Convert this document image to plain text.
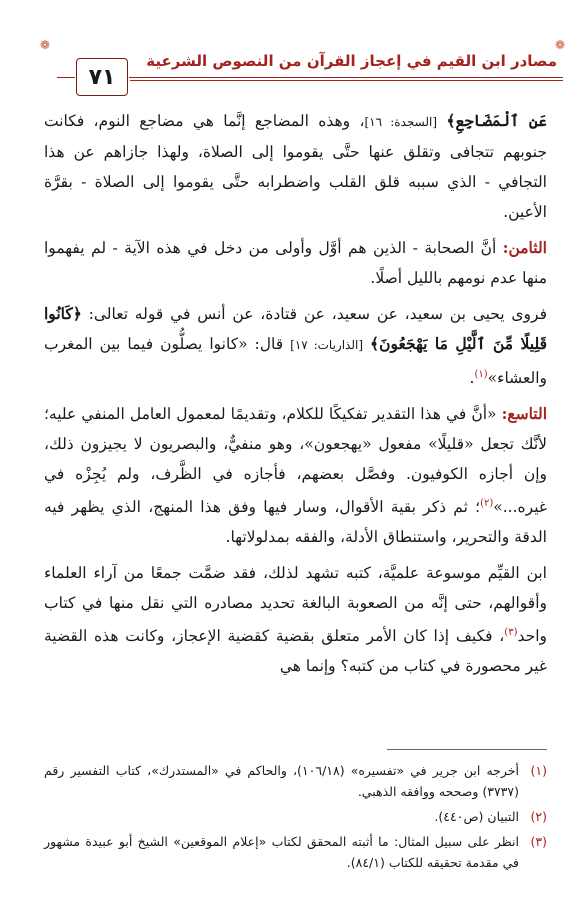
❁
❁
مصادر ابن القيم في إعجاز القرآن من النصوص الشرعية
٧١

عَنِ ٱلْمَضَاجِعِ﴾ [السجدة: ١٦]، وهذه المضاجع إنَّما هي مضاجع النوم، فكانت جنوبهم تتجافى وتقلق عنها حتَّى يقوموا إلى الصلاة، ولهذا جازاهم عن هذا التجافي - الذي سببه قلق القلب واضطرابه حتَّى يقوموا إلى الصلاة - بقرَّة الأعين.

الثامن: أنَّ الصحابة - الذين هم أوَّل وأولى من دخل في هذه الآية - لم يفهموا منها عدم نومهم بالليل أصلًا.

فروى يحيى بن سعيد، عن سعيد، عن قتادة، عن أنس في قوله تعالى: ﴿كَانُوا قَلِيلًا مِّنَ ٱلَّيْلِ مَا يَهْجَعُونَ﴾ [الذاريات: ١٧] قال: «كانوا يصلُّون فيما بين المغرب والعشاء»$^{(١)}$.

التاسع: «أنَّ في هذا التقدير تفكيكًا للكلام، وتقديمًا لمعمول العامل المنفي عليه؛ لأنَّك تجعل «قليلًا» مفعول «يهجعون»، وهو منفيٌّ، والبصريون لا يجيزون ذلك، وإن أجازه الكوفيون. وفصَّل بعضهم، فأجازه في الظَّرف، ولم يُجِزْه في غيره...»$^{(٢)}$؛ ثم ذكر بقية الأقوال، وسار فيها وفق هذا المنهج، الذي يظهر فيه الدقة والتحرير، واستنطاق الأدلة، والفقه بمدلولاتها.

ابن القيِّم موسوعة علميَّة، كتبه تشهد لذلك، فقد ضمَّت جمعًا من آراء العلماء وأقوالهم، حتى إنَّه من الصعوبة البالغة تحديد مصادره التي نقل منها في كتاب واحد$^{(٣)}$، فكيف إذا كان الأمر متعلق بقضية كقضية الإعجاز، وكانت هذه القضية غير محصورة في كتاب من كتبه؟ وإنما هي

(١)
أخرجه ابن جرير في «تفسيره» (١٠٦/١٨)، والحاكم في «المستدرك»، كتاب التفسير رقم (٣٧٣٧) وصححه ووافقه الذهبي.
(٢)
التبيان (ص٤٤٠).
(٣)
انظر على سبيل المثال: ما أثبته المحقق لكتاب «إعلام الموقعين» الشيخ أبو عبيدة مشهور في مقدمة تحقيقه للكتاب (٨٤/١).
